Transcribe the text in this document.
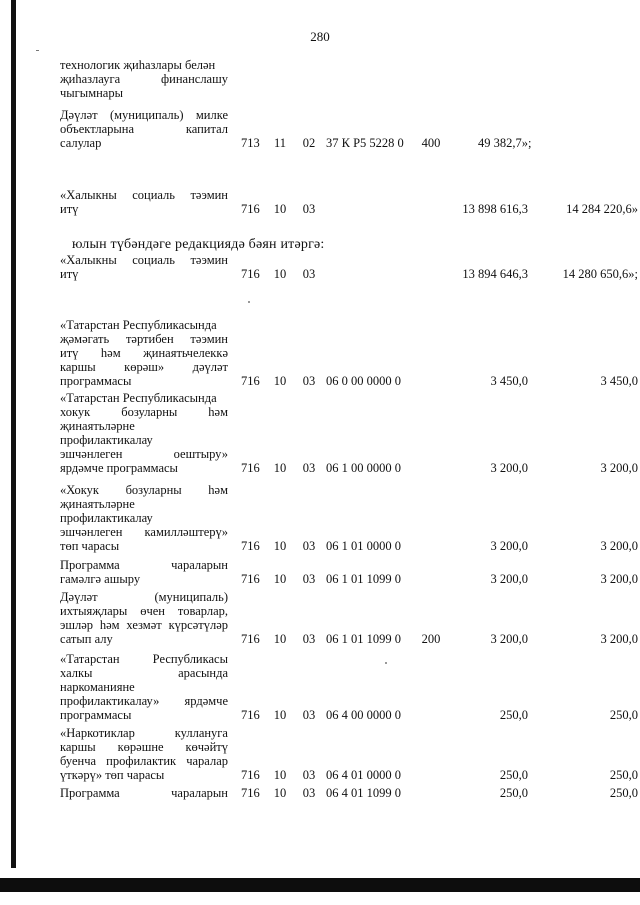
280
технологик җиһазлары белән
җиһазлауга финанслашу
чыгымнары
Дәүләт (муниципаль) милке
объектларына капитал
салулар	713	11	02 37 К Р5 5228 0	400	49 382,7»;
«Халыкны социаль тәэмин
итү	716	10	03	13 898 616,3	14 284 220,6»
юлын түбәндәге редакциядә бәян итәргә:
«Халыкны социаль тәэмин
итү	716	10	03	13 894 646,3	14 280 650,6»;
«Татарстан Республикасында
җәмәгать тәртибен тәэмин
итү һәм җинаятьчелеккә
каршы көрәш» дәүләт
программасы	716	10	03 06 0 00 0000 0	3 450,0	3 450,0
«Татарстан Республикасында
хокук бозуларны һәм
җинаятьләрне
профилактикалау
эшчәнлеген оештыру»
ярдәмче программасы	716	10	03 06 1 00 0000 0	3 200,0	3 200,0
«Хокук бозуларны һәм
җинаятьләрне
профилактикалау
эшчәнлеген камилләштерү»
төп чарасы	716	10	03 06 1 01 0000 0	3 200,0	3 200,0
Программа чараларын
гамәлгә ашыру	716	10	03 06 1 01 1099 0	3 200,0	3 200,0
Дәүләт (муниципаль)
ихтыяҗлары өчен товарлар,
эшләр һәм хезмәт күрсәтүләр
сатып алу	716	10	03 06 1 01 1099 0	200	3 200,0	3 200,0
«Татарстан Республикасы
халкы арасында
наркоманияне
профилактикалау» ярдәмче
программасы	716	10	03 06 4 00 0000 0	250,0	250,0
«Наркотиклар куллануга
каршы көрәшне көчәйтү
буенча профилактик чаралар
үткәрү» төп чарасы	716	10	03 06 4 01 0000 0	250,0	250,0
Программа чараларын 716	10	03 06 4 01 1099 0	250,0	250,0
